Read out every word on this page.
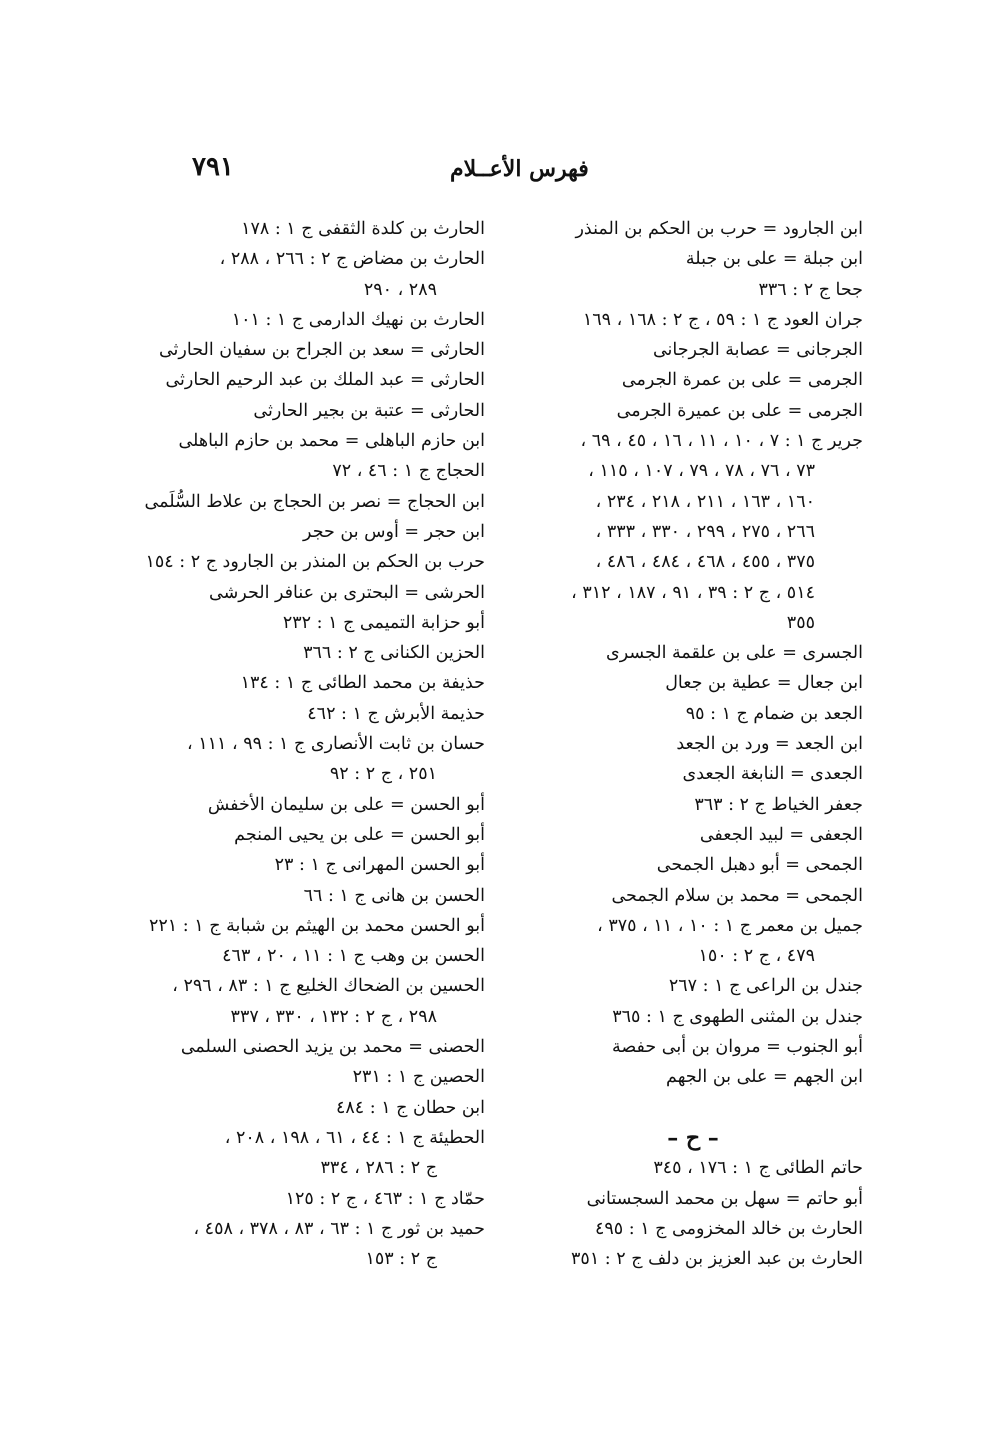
٧٩١	فهرس الأعــلام
ابن الجارود = حرب بن الحكم بن المنذر
ابن جبلة = على بن جبلة
جحا ج ٢ : ٣٣٦
جران العود ج ١ : ٥٩ ، ج ٢ : ١٦٨ ، ١٦٩
الجرجانى = عصابة الجرجانى
الجرمى = على بن عمرة الجرمى
الجرمى = على بن عميرة الجرمى
جرير ج ١ : ٧ ، ١٠ ، ١١ ، ١٦ ، ٤٥ ، ٦٩ ،
٧٣ ، ٧٦ ، ٧٨ ، ٧٩ ، ١٠٧ ، ١١٥ ،
١٦٠ ، ١٦٣ ، ٢١١ ، ٢١٨ ، ٢٣٤ ،
٢٦٦ ، ٢٧٥ ، ٢٩٩ ، ٣٣٠ ، ٣٣٣ ،
٣٧٥ ، ٤٥٥ ، ٤٦٨ ، ٤٨٤ ، ٤٨٦ ،
٥١٤ ، ج ٢ : ٣٩ ، ٩١ ، ١٨٧ ، ٣١٢ ،
٣٥٥
الجسرى = على بن علقمة الجسرى
ابن جعال = عطية بن جعال
الجعد بن ضمام ج ١ : ٩٥
ابن الجعد = ورد بن الجعد
الجعدى = النابغة الجعدى
جعفر الخياط ج ٢ : ٣٦٣
الجعفى = لبيد الجعفى
الجمحى = أبو دهبل الجمحى
الجمحى = محمد بن سلام الجمحى
جميل بن معمر ج ١ : ١٠ ، ١١ ، ٣٧٥ ،
٤٧٩ ، ج ٢ : ١٥٠
جندل بن الراعى ج ١ : ٢٦٧
جندل بن المثنى الطهوى ج ١ : ٣٦٥
أبو الجنوب = مروان بن أبى حفصة
ابن الجهم = على بن الجهم
– ح –
حاتم الطائى ج ١ : ١٧٦ ، ٣٤٥
أبو حاتم = سهل بن محمد السجستانى
الحارث بن خالد المخزومى ج ١ : ٤٩٥
الحارث بن عبد العزيز بن دلف ج ٢ : ٣٥١
الحارث بن كلدة الثقفى ج ١ : ١٧٨
الحارث بن مضاض ج ٢ : ٢٦٦ ، ٢٨٨ ،
٢٨٩ ، ٢٩٠
الحارث بن نهيك الدارمى ج ١ : ١٠١
الحارثى = سعد بن الجراح بن سفيان الحارثى
الحارثى = عبد الملك بن عبد الرحيم الحارثى
الحارثى = عتبة بن بجير الحارثى
ابن حازم الباهلى = محمد بن حازم الباهلى
الحجاج ج ١ : ٤٦ ، ٧٢
ابن الحجاج = نصر بن الحجاج بن علاط السُّلَمى
ابن حجر = أوس بن حجر
حرب بن الحكم بن المنذر بن الجارود ج ٢ : ١٥٤
الحرشى = البحترى بن عنافر الحرشى
أبو حزابة التميمى ج ١ : ٢٣٢
الحزين الكنانى ج ٢ : ٣٦٦
حذيفة بن محمد الطائى ج ١ : ١٣٤
حذيمة الأبرش ج ١ : ٤٦٢
حسان بن ثابت الأنصارى ج ١ : ٩٩ ، ١١١ ،
٢٥١ ، ج ٢ : ٩٢
أبو الحسن = على بن سليمان الأخفش
أبو الحسن = على بن يحيى المنجم
أبو الحسن المهرانى ج ١ : ٢٣
الحسن بن هانى ج ١ : ٦٦
أبو الحسن محمد بن الهيثم بن شبابة ج ١ : ٢٢١
الحسن بن وهب ج ١ : ١١ ، ٢٠ ، ٤٦٣
الحسين بن الضحاك الخليع ج ١ : ٨٣ ، ٢٩٦ ،
٢٩٨ ، ج ٢ : ١٣٢ ، ٣٣٠ ، ٣٣٧
الحصنى = محمد بن يزيد الحصنى السلمى
الحصين ج ١ : ٢٣١
ابن حطان ج ١ : ٤٨٤
الحطيئة ج ١ : ٤٤ ، ٦١ ، ١٩٨ ، ٢٠٨ ،
ج ٢ : ٢٨٦ ، ٣٣٤
حمّاد ج ١ : ٤٦٣ ، ج ٢ : ١٢٥
حميد بن ثور ج ١ : ٦٣ ، ٨٣ ، ٣٧٨ ، ٤٥٨ ،
ج ٢ : ١٥٣
